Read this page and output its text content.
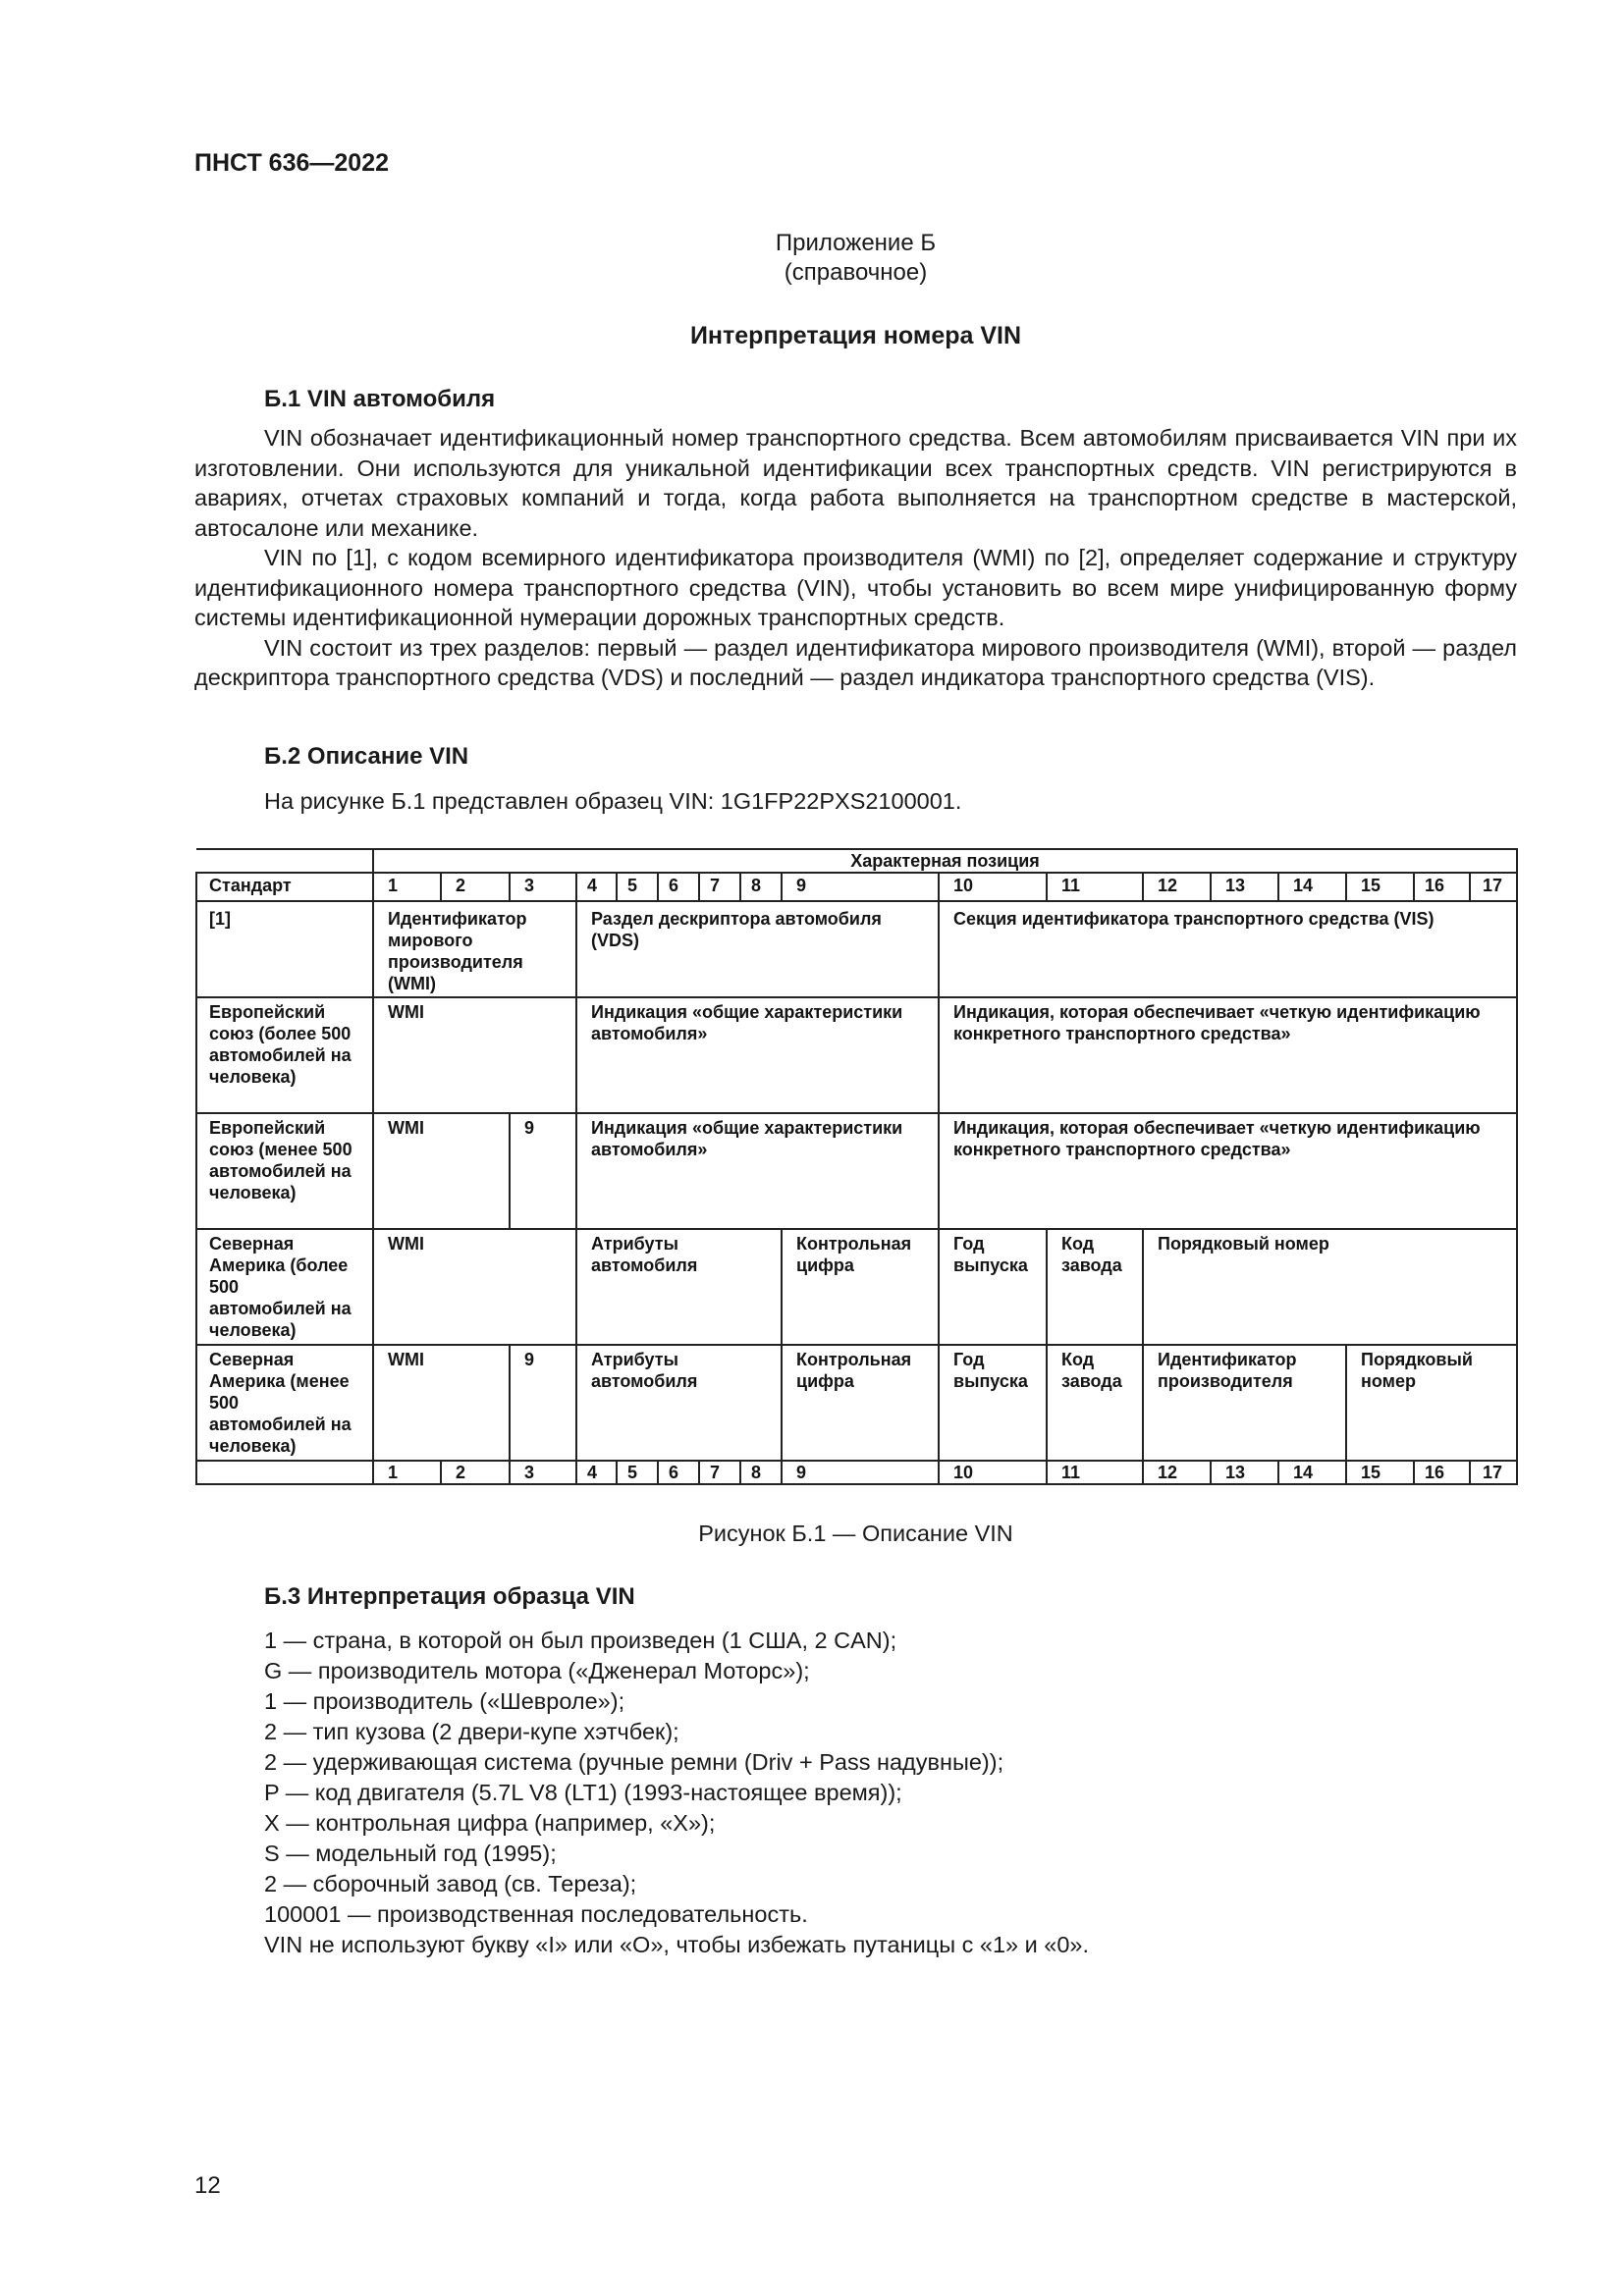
ПНСТ 636—2022
Приложение Б
(справочное)
Интерпретация номера VIN
Б.1 VIN автомобиля

VIN обозначает идентификационный номер транспортного средства. Всем автомобилям присваивается VIN при их изготовлении. Они используются для уникальной идентификации всех транспортных средств. VIN регистрируются в авариях, отчетах страховых компаний и тогда, когда работа выполняется на транспортном средстве в мастерской, автосалоне или механике.

VIN по [1], с кодом всемирного идентификатора производителя (WMI) по [2], определяет содержание и структуру идентификационного номера транспортного средства (VIN), чтобы установить во всем мире унифицированную форму системы идентификационной нумерации дорожных транспортных средств.

VIN состоит из трех разделов: первый — раздел идентификатора мирового производителя (WMI), второй — раздел дескриптора транспортного средства (VDS) и последний — раздел индикатора транспортного средства (VIS).

Б.2 Описание VIN
На рисунке Б.1 представлен образец VIN: 1G1FP22PXS2100001.
	Характерная позиция																
Стандарт	1	2	3	4	5	6	7	8	9	10	11	12	13	14	15	16	17
[1]	Идентификатор мирового производителя (WMI)			Раздел дескриптора автомобиля (VDS)						Секция идентификатора транспортного средства (VIS)							
Европейский союз (более 500 автомобилей на человека)	WMI			Индикация «общие характеристики автомобиля»						Индикация, которая обеспечивает «четкую идентификацию конкретного транспортного средства»							
Европейский союз (менее 500 автомобилей на человека)	WMI		9	Индикация «общие характеристики автомобиля»						Индикация, которая обеспечивает «четкую идентификацию конкретного транспортного средства»							
Северная Америка (более 500 автомобилей на человека)	WMI			Атрибуты автомобиля					Контрольная цифра	Год выпуска	Код завода	Порядковый номер					
Северная Америка (менее 500 автомобилей на человека)	WMI		9	Атрибуты автомобиля					Контрольная цифра	Год выпуска	Код завода	Идентификатор производителя			Порядковый номер		
	1	2	3	4	5	6	7	8	9	10	11	12	13	14	15	16	17
Рисунок Б.1 — Описание VIN
Б.3 Интерпретация образца VIN
1 — страна, в которой он был произведен (1 США, 2 CAN);
G — производитель мотора («Дженерал Моторс»);
1 — производитель («Шевроле»);
2 — тип кузова (2 двери-купе хэтчбек);
2 — удерживающая система (ручные ремни (Driv + Pass надувные));
P — код двигателя (5.7L V8 (LT1) (1993-настоящее время));
X — контрольная цифра (например, «X»);
S — модельный год (1995);
2 — сборочный завод (св. Тереза);
100001 — производственная последовательность.
VIN не используют букву «I» или «O», чтобы избежать путаницы с «1» и «0».
12
